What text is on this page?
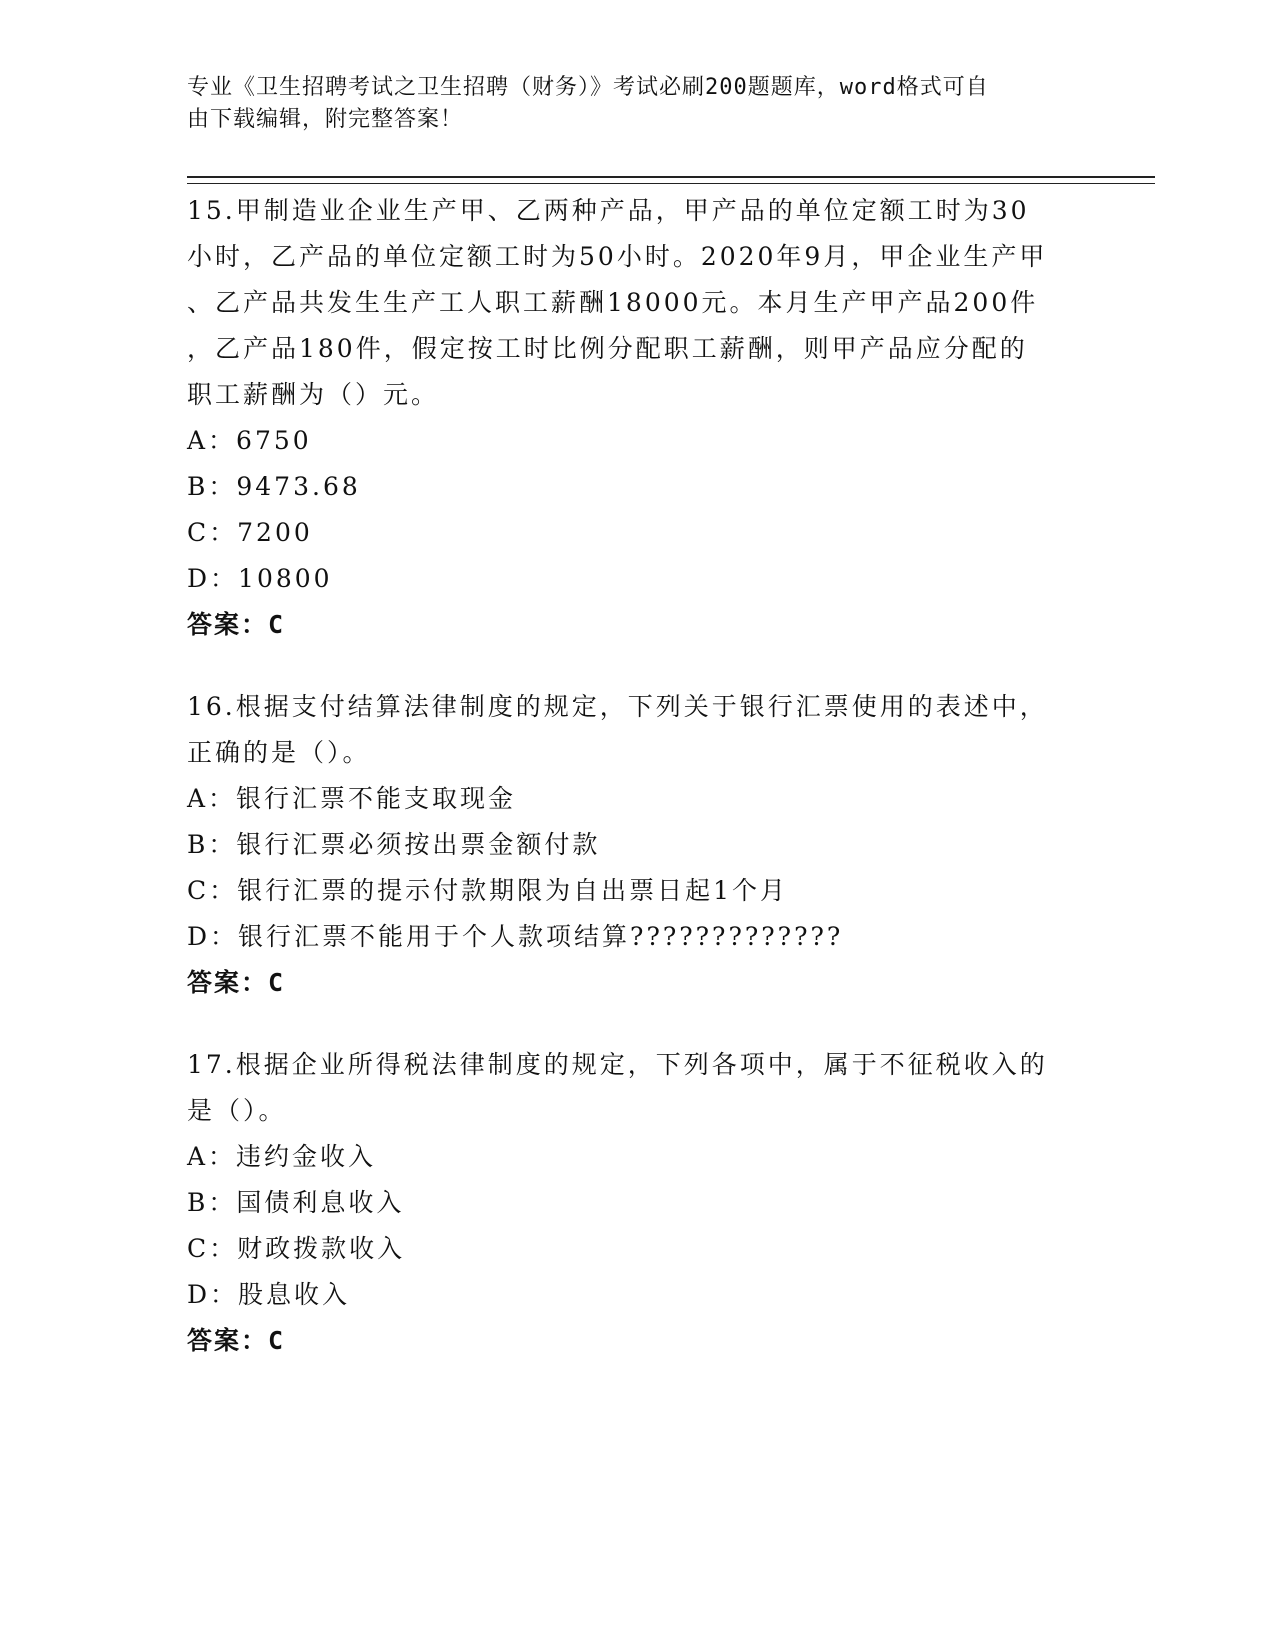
专业《卫生招聘考试之卫生招聘（财务）》考试必刷200题题库，word格式可自
由下载编辑，附完整答案！

15.甲制造业企业生产甲、乙两种产品，甲产品的单位定额工时为30

小时，乙产品的单位定额工时为50小时。2020年9月，甲企业生产甲

、乙产品共发生生产工人职工薪酬18000元。本月生产甲产品200件

，乙产品180件，假定按工时比例分配职工薪酬，则甲产品应分配的

职工薪酬为（）元。

A：6750

B：9473.68

C：7200

D：10800

答案：C

16.根据支付结算法律制度的规定，下列关于银行汇票使用的表述中，

正确的是（）。

A：银行汇票不能支取现金

B：银行汇票必须按出票金额付款

C：银行汇票的提示付款期限为自出票日起1个月

D：银行汇票不能用于个人款项结算?????????????

答案：C

17.根据企业所得税法律制度的规定，下列各项中，属于不征税收入的

是（）。

A：违约金收入

B：国债利息收入

C：财政拨款收入

D：股息收入

答案：C
